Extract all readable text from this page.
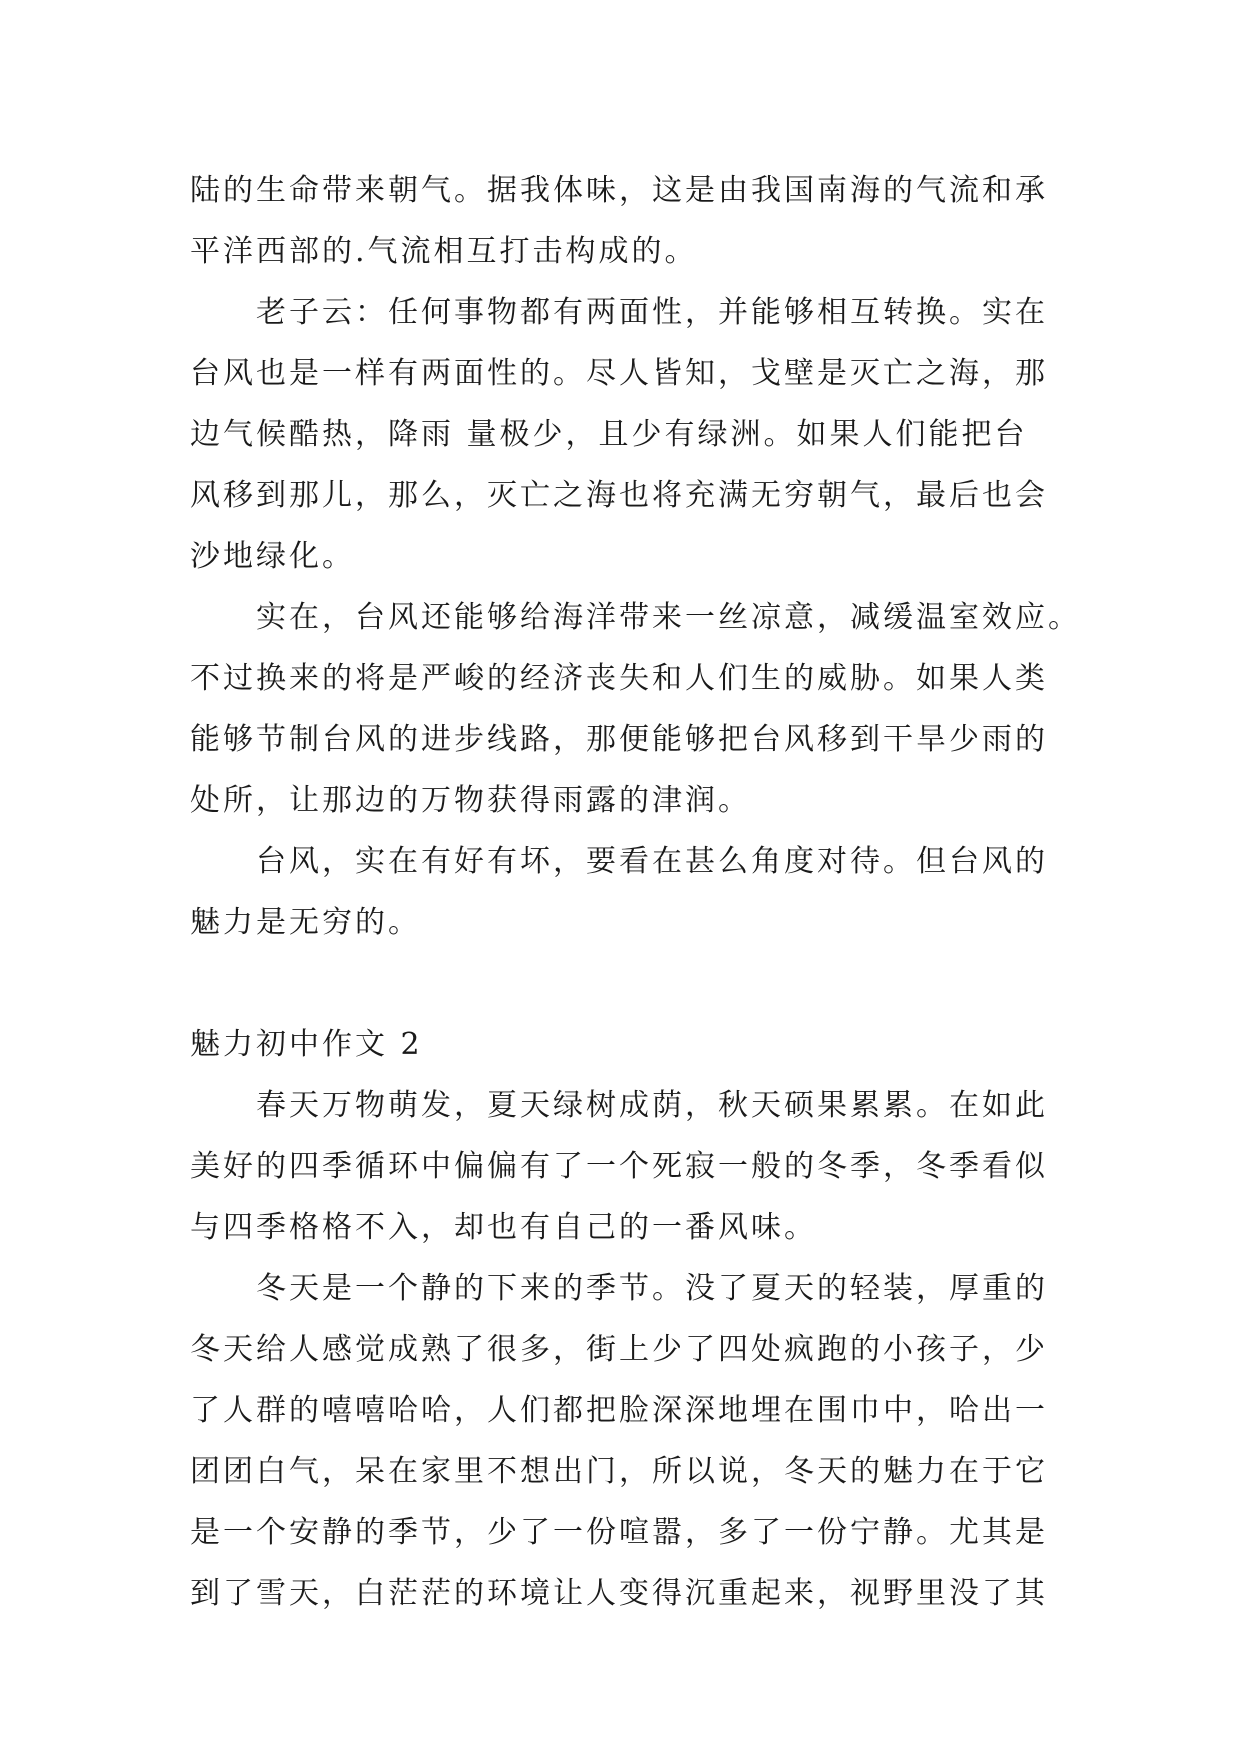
陆的生命带来朝气。据我体味，这是由我国南海的气流和承
平洋西部的.气流相互打击构成的。
老子云：任何事物都有两面性，并能够相互转换。实在
台风也是一样有两面性的。尽人皆知，戈壁是灭亡之海，那
边气候酷热，降雨 量极少，且少有绿洲。如果人们能把台
风移到那儿，那么，灭亡之海也将充满无穷朝气，最后也会
沙地绿化。
实在，台风还能够给海洋带来一丝凉意，减缓温室效应。
不过换来的将是严峻的经济丧失和人们生的威胁。如果人类
能够节制台风的进步线路，那便能够把台风移到干旱少雨的
处所，让那边的万物获得雨露的津润。
台风，实在有好有坏，要看在甚么角度对待。但台风的
魅力是无穷的。
魅力初中作文 2
春天万物萌发，夏天绿树成荫，秋天硕果累累。在如此
美好的四季循环中偏偏有了一个死寂一般的冬季，冬季看似
与四季格格不入，却也有自己的一番风味。
冬天是一个静的下来的季节。没了夏天的轻装，厚重的
冬天给人感觉成熟了很多，街上少了四处疯跑的小孩子，少
了人群的嘻嘻哈哈，人们都把脸深深地埋在围巾中，哈出一
团团白气，呆在家里不想出门，所以说，冬天的魅力在于它
是一个安静的季节，少了一份喧嚣，多了一份宁静。尤其是
到了雪天，白茫茫的环境让人变得沉重起来，视野里没了其
